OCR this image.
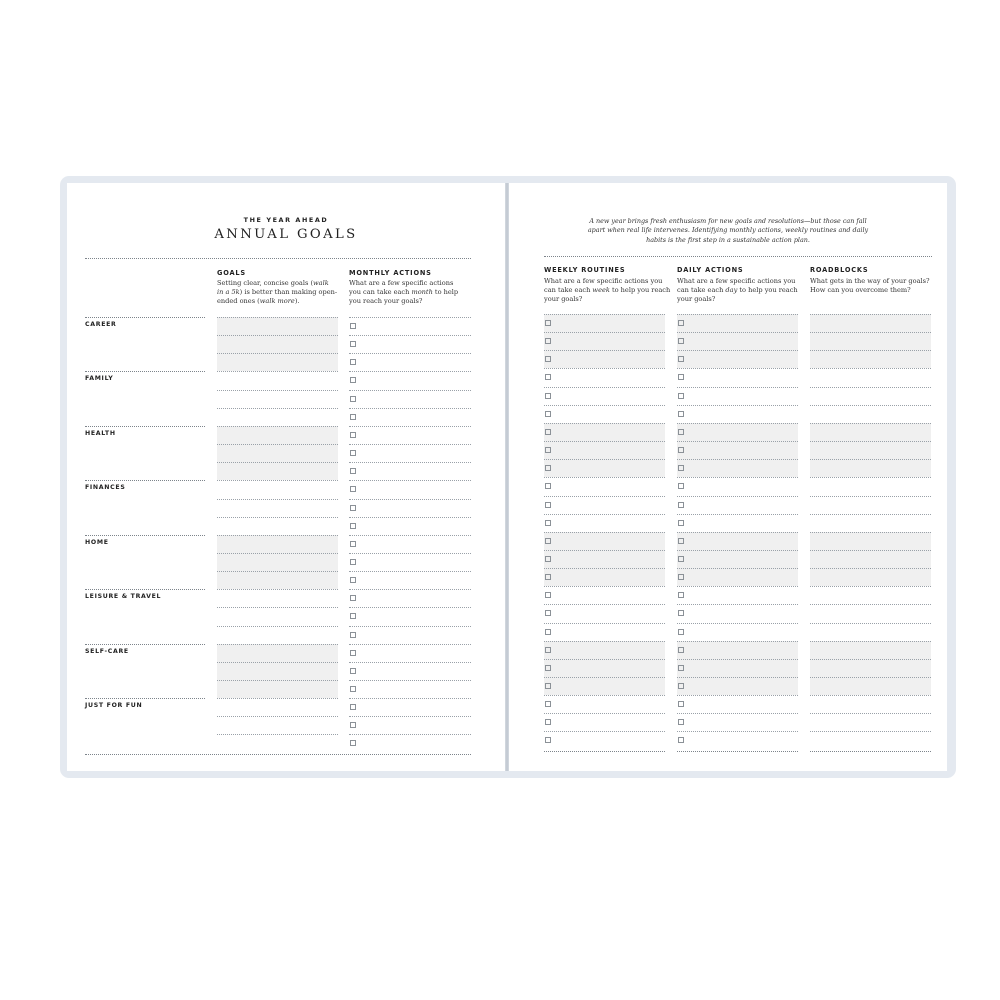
THE YEAR AHEAD
ANNUAL GOALS
GOALS
Setting clear, concise goals (walk
in a 5k) is better than making open-
ended ones (walk more).
MONTHLY ACTIONS
What are a few specific actions
you can take each month to help
you reach your goals?
CAREER
FAMILY
HEALTH
FINANCES
HOME
LEISURE & TRAVEL
SELF-CARE
JUST FOR FUN
A new year brings fresh enthusiasm for new goals and resolutions—but those can fall
apart when real life intervenes. Identifying monthly actions, weekly routines and daily
habits is the first step in a sustainable action plan.
WEEKLY ROUTINES
What are a few specific actions you
can take each week to help you reach
your goals?
DAILY ACTIONS
What are a few specific actions you
can take each day to help you reach
your goals?
ROADBLOCKS
What gets in the way of your goals?
How can you overcome them?
